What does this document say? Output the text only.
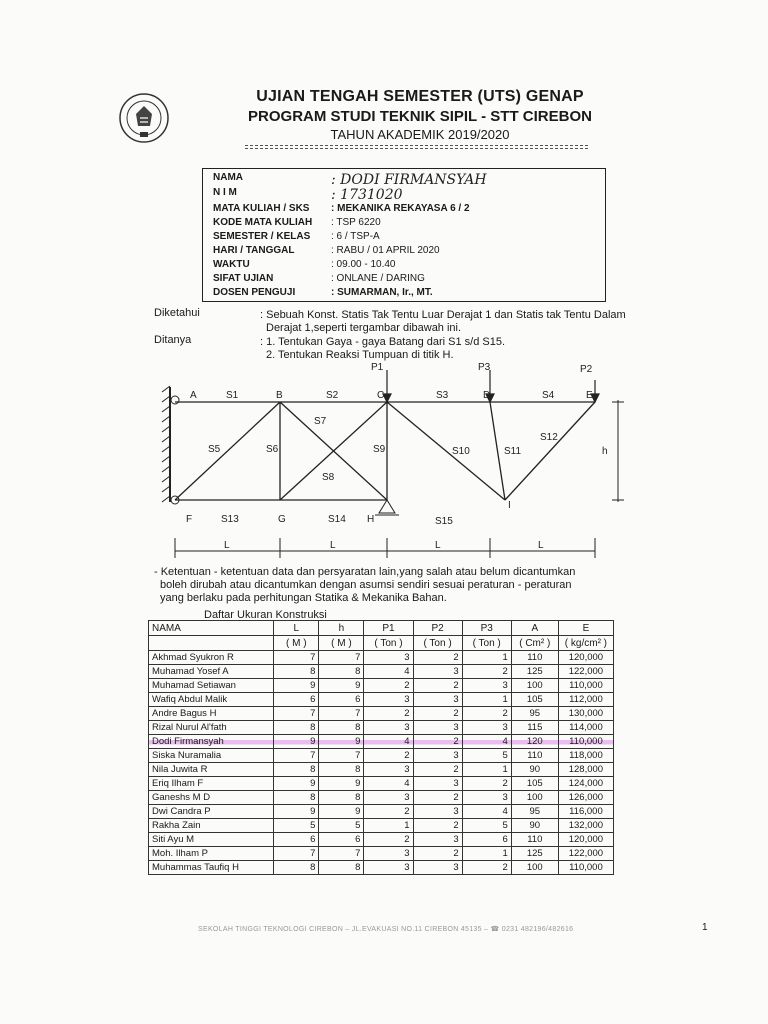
UJIAN TENGAH SEMESTER (UTS) GENAP
PROGRAM STUDI TEKNIK SIPIL - STT CIREBON
TAHUN AKADEMIK 2019/2020
NAMA	: DODI FIRMANSYAH
N I M	: 1731020
MATA KULIAH / SKS	: MEKANIKA REKAYASA 6 / 2
KODE MATA KULIAH	: TSP 6220
SEMESTER / KELAS	: 6 / TSP-A
HARI / TANGGAL	: RABU / 01 APRIL 2020
WAKTU	: 09.00 - 10.40
SIFAT UJIAN	: ONLANE / DARING
DOSEN PENGUJI	: SUMARMAN, Ir., MT.
Diketahui	: Sebuah Konst. Statis Tak Tentu Luar Derajat 1 dan Statis tak Tentu Dalam
Derajat 1,seperti tergambar dibawah ini.
Ditanya	: 1. Tentukan Gaya - gaya Batang dari S1 s/d S15.
2. Tentukan Reaksi Tumpuan di titik H.
A	B	C	D	E
F	G	H
I
S1	S2	S3	S4
S5	S6
S7
S8
S9	S10	S11
S12
S13	S14	S15
P1	P3	P2
h
L	L	L	L
- Ketentuan - ketentuan data dan persyaratan lain,yang salah atau belum dicantumkan
boleh dirubah atau dicantumkan dengan asumsi sendiri sesuai peraturan - peraturan
yang berlaku pada perhitungan Statika & Mekanika Bahan.
Daftar Ukuran Konstruksi
NAMA	L	h	P1	P2	P3	A	E
	( M )	( M )	( Ton )	( Ton )	( Ton )	( Cm² )	( kg/cm² )
Akhmad Syukron R	7	7	3	2	1	110	120,000
Muhamad Yosef A	8	8	4	3	2	125	122,000
Muhamad Setiawan	9	9	2	2	3	100	110,000
Wafiq Abdul Malik	6	6	3	3	1	105	112,000
Andre Bagus H	7	7	2	2	2	95	130,000
Rizal Nurul Al'fath	8	8	3	3	3	115	114,000
Dodi Firmansyah	9	9	4	2	4	120	110,000
Siska Nuramalia	7	7	2	3	5	110	118,000
Nila Juwita R	8	8	3	2	1	90	128,000
Eriq Ilham F	9	9	4	3	2	105	124,000
Ganeshs M D	8	8	3	2	3	100	126,000
Dwi Candra P	9	9	2	3	4	95	116,000
Rakha Zain	5	5	1	2	5	90	132,000
Siti Ayu M	6	6	2	3	6	110	120,000
Moh. Ilham P	7	7	3	2	1	125	122,000
Muhammas Taufiq H	8	8	3	3	2	100	110,000
SEKOLAH TINGGI TEKNOLOGI CIREBON – JL.EVAKUASI NO.11 CIREBON 45135 – ☎ 0231 482196/482616	1
